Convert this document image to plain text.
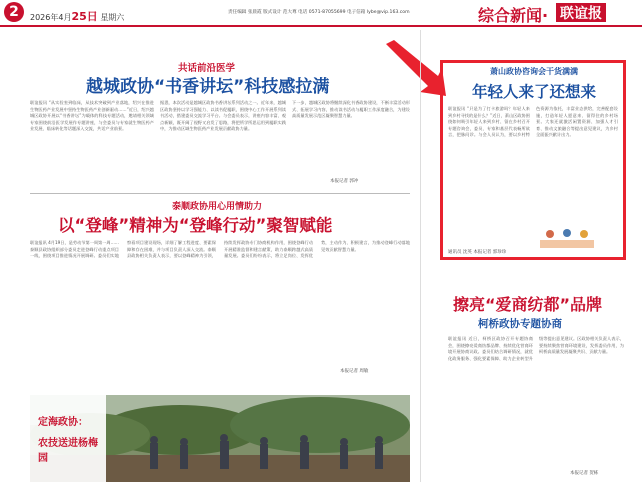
2	2026年4月25日 星期六
责任编辑 张晨霞 版式设计 范大尊 电话 0571-87055699 电子信箱 lybe@vip.163.com	综合新闻· 联谊报
共话前沿医学
越城政协“书香讲坛”科技感拉满
联谊报讯 “从实验室到临床，从技术突破到产业落地，绍兴在推进生物医药产业发展中坚持生物医药产业创新驱动……”近日，绍兴越城区政协开展以“书香讲坛”为载体的科技专题活动，邀请相关领域专家围绕前沿医学发展作专题讲座，与会委员与专家就生物医药产业发展、临床转化等话题深入交流，共话产业前景。
据悉，本次活动是越城区政协书香讲坛系列活动之一。近年来，越城区政协坚持以学习强能力、以读书促履职，围绕中心工作开展系列读书活动，搭建委员交流学习平台。与会委员表示，讲座内容丰富、观点新颖，既开阔了视野又启发了思路，将把所学所思运用到履职实践中，为推动区域生物医药产业发展贡献政协力量。
下一步，越城区政协将继续深化书香政协建设，不断丰富活动形式、拓展学习内容，推动读书活动与履职工作深度融合，为建设高质量发展示范区凝聚智慧力量。
本报记者 郭冲
泰顺政协用心用情助力
以“登峰”精神为“登峰行动”聚智赋能
联谊报讯 4月19日，是劳动节第一周第一周……泰顺县政协组织部分委员走进登峰行动重点项目一线，围绕项目推进情况开展调研。委员们实地察看项目建设现场，详细了解工程进度、要素保障和存在困难，并与项目负责人深入交流。泰顺县政协相关负责人表示，要以登峰精神为引领，持续发挥政协专门协商机构作用，围绕登峰行动开展精准监督和建言献策，助力泰顺跨越式高质量发展。委员们纷纷表示，将立足岗位、发挥优势，主动作为、积极建言，为推动登峰行动落地见效贡献智慧力量。
本报记者 周敏
定海政协：
农技送进杨梅园
萧山政协咨询会干货满满
年轻人来了还想来
联谊报讯 “只是为了打卡旅游吗？年轻人来到乡村寻找的是什么？”近日，萧山区政协围绕如何吸引年轻人来到乡村、留在乡村召开专题咨询会，委员、专家和基层代表畅所欲言，把脉问诊。与会人员认为，要以乡村特色资源为依托，丰富业态供给，完善配套设施，打造年轻人愿意来、留得住的乡村场景。大家还就激活闲置资源、加强人才引育、推动文旅融合等提出意见建议，为乡村全面振兴献计出力。
通讯员 沈英 本报记者 郭珍珍
擦亮“爱商纺都”品牌
柯桥政协专题协商
联谊报讯 近日，柯桥区政协召开专题协商会，围绕擦亮爱商纺都品牌、持续优化营商环境开展协商议政。委员们结合调研情况，就优化政务服务、强化要素保障、助力企业转型升级等提出意见建议。区政协相关负责人表示，要持续聚焦营商环境建设，发挥委员作用，为柯桥高质量发展凝聚共识、贡献力量。
本报记者 贺栋
